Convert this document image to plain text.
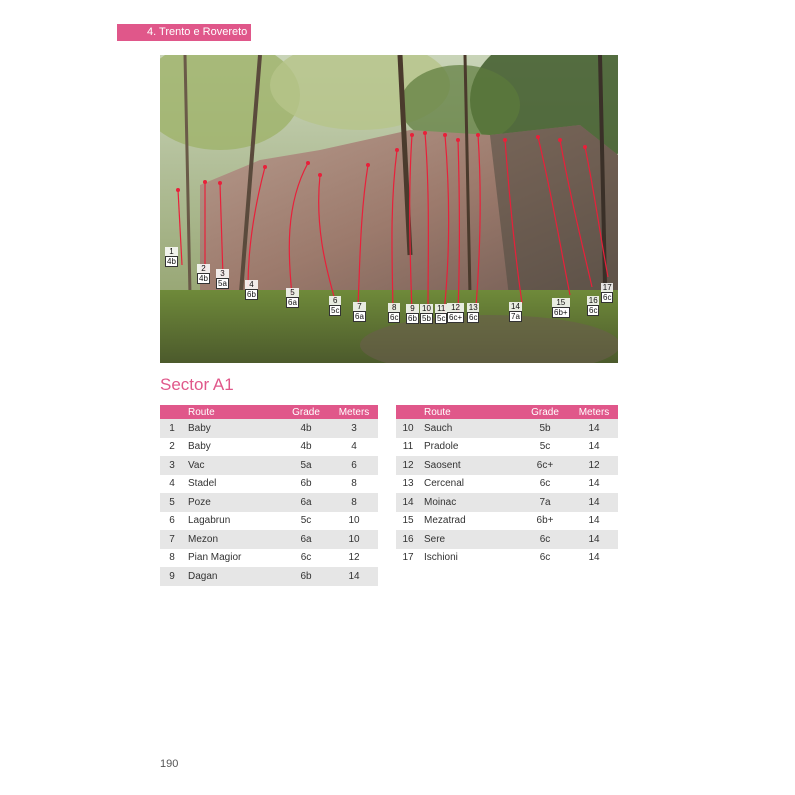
4. Trento e Rovereto
1
4b
2
4b
3
5a	4
6b	5
6a	6
5c	7
6a
8
6c
9
6b
10
5b
11
5c
12
6c+
13
6c
14
7a
15
6b+
16
6c
17
6c
Sector A1
	Route	Grade	Meters
1	Baby	4b	3
2	Baby	4b	4
3	Vac	5a	6
4	Stadel	6b	8
5	Poze	6a	8
6	Lagabrun	5c	10
7	Mezon	6a	10
8	Pian Magior	6c	12
9	Dagan	6b	14
	Route	Grade	Meters
10	Sauch	5b	14
11	Pradole	5c	14
12	Saosent	6c+	12
13	Cercenal	6c	14
14	Moinac	7a	14
15	Mezatrad	6b+	14
16	Sere	6c	14
17	Ischioni	6c	14
190
